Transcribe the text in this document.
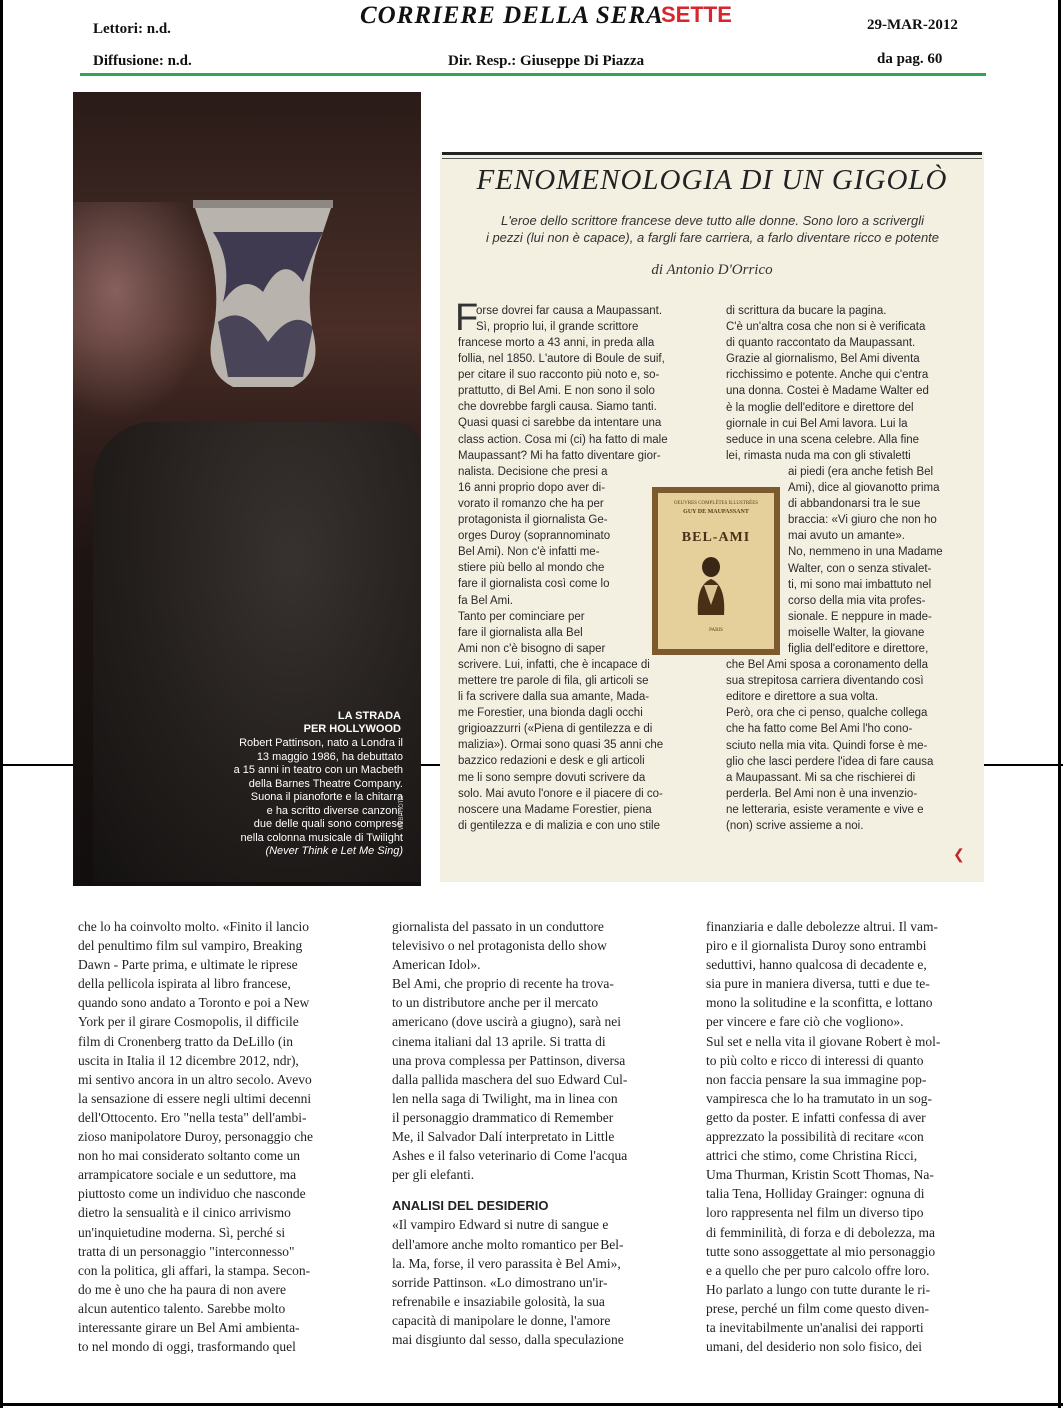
Lettori: n.d.
Diffusione: n.d.
CORRIERE DELLA SERA
SETTE	29-MAR-2012
Dir. Resp.: Giuseppe Di Piazza	da pag. 60
LA STRADA
PER HOLLYWOOD
Robert Pattinson, nato a Londra il
13 maggio 1986, ha debuttato
a 15 anni in teatro con un Macbeth
della Barnes Theatre Company.
Suona il pianoforte e la chitarra
e ha scritto diverse canzoni,
due delle quali sono comprese
nella colonna musicale di Twilight
(Never Think e Let Me Sing)
WEBPHOTO
FENOMENOLOGIA DI UN GIGOLÒ
L'eroe dello scrittore francese deve tutto alle donne. Sono loro a scrivergli
i pezzi (lui non è capace), a fargli fare carriera, a farlo diventare ricco e potente
di Antonio D'Orrico
F
orse dovrei far causa a Maupassant.
Sì, proprio lui, il grande scrittore
francese morto a 43 anni, in preda alla
follia, nel 1850. L'autore di Boule de suif,
per citare il suo racconto più noto e, so-
prattutto, di Bel Ami. E non sono il solo
che dovrebbe fargli causa. Siamo tanti.
Quasi quasi ci sarebbe da intentare una
class action. Cosa mi (ci) ha fatto di male
Maupassant? Mi ha fatto diventare gior-
nalista. Decisione che presi a
16 anni proprio dopo aver di-
vorato il romanzo che ha per
protagonista il giornalista Ge-
orges Duroy (soprannominato
Bel Ami). Non c'è infatti me-
stiere più bello al mondo che
fare il giornalista così come lo
fa Bel Ami.
Tanto per cominciare per
fare il giornalista alla Bel
Ami non c'è bisogno di saper
scrivere. Lui, infatti, che è incapace di
mettere tre parole di fila, gli articoli se
li fa scrivere dalla sua amante, Mada-
me Forestier, una bionda dagli occhi
grigioazzurri («Piena di gentilezza e di
malizia»). Ormai sono quasi 35 anni che
bazzico redazioni e desk e gli articoli
me li sono sempre dovuti scrivere da
solo. Mai avuto l'onore e il piacere di co-
noscere una Madame Forestier, piena
di gentilezza e di malizia e con uno stile
di scrittura da bucare la pagina.
C'è un'altra cosa che non si è verificata
di quanto raccontato da Maupassant.
Grazie al giornalismo, Bel Ami diventa
ricchissimo e potente. Anche qui c'entra
una donna. Costei è Madame Walter ed
è la moglie dell'editore e direttore del
giornale in cui Bel Ami lavora. Lui la
seduce in una scena celebre. Alla fine
lei, rimasta nuda ma con gli stivaletti
ai piedi (era anche fetish Bel
Ami), dice al giovanotto prima
di abbandonarsi tra le sue
braccia: «Vi giuro che non ho
mai avuto un amante».
No, nemmeno in una Madame
Walter, con o senza stivalet-
ti, mi sono mai imbattuto nel
corso della mia vita profes-
sionale. E neppure in made-
moiselle Walter, la giovane
figlia dell'editore e direttore,
che Bel Ami sposa a coronamento della
sua strepitosa carriera diventando così
editore e direttore a sua volta.
Però, ora che ci penso, qualche collega
che ha fatto come Bel Ami l'ho cono-
sciuto nella mia vita. Quindi forse è me-
glio che lasci perdere l'idea di fare causa
a Maupassant. Mi sa che rischierei di
perderla. Bel Ami non è una invenzio-
ne letteraria, esiste veramente e vive e
(non) scrive assieme a noi.
OEUVRES COMPLÈTES ILLUSTRÉES
GUY DE MAUPASSANT
BEL-AMI
PARIS
❮
che lo ha coinvolto molto. «Finito il lancio
del penultimo film sul vampiro, Breaking
Dawn - Parte prima, e ultimate le riprese
della pellicola ispirata al libro francese,
quando sono andato a Toronto e poi a New
York per il girare Cosmopolis, il difficile
film di Cronenberg tratto da DeLillo (in
uscita in Italia il 12 dicembre 2012, ndr),
mi sentivo ancora in un altro secolo. Avevo
la sensazione di essere negli ultimi decenni
dell'Ottocento. Ero "nella testa" dell'ambi-
zioso manipolatore Duroy, personaggio che
non ho mai considerato soltanto come un
arrampicatore sociale e un seduttore, ma
piuttosto come un individuo che nasconde
dietro la sensualità e il cinico arrivismo
un'inquietudine moderna. Sì, perché si
tratta di un personaggio "interconnesso"
con la politica, gli affari, la stampa. Secon-
do me è uno che ha paura di non avere
alcun autentico talento. Sarebbe molto
interessante girare un Bel Ami ambienta-
to nel mondo di oggi, trasformando quel
giornalista del passato in un conduttore
televisivo o nel protagonista dello show
American Idol».
Bel Ami, che proprio di recente ha trova-
to un distributore anche per il mercato
americano (dove uscirà a giugno), sarà nei
cinema italiani dal 13 aprile. Si tratta di
una prova complessa per Pattinson, diversa
dalla pallida maschera del suo Edward Cul-
len nella saga di Twilight, ma in linea con
il personaggio drammatico di Remember
Me, il Salvador Dalí interpretato in Little
Ashes e il falso veterinario di Come l'acqua
per gli elefanti.
ANALISI DEL DESIDERIO
«Il vampiro Edward si nutre di sangue e
dell'amore anche molto romantico per Bel-
la. Ma, forse, il vero parassita è Bel Ami»,
sorride Pattinson. «Lo dimostrano un'ir-
refrenabile e insaziabile golosità, la sua
capacità di manipolare le donne, l'amore
mai disgiunto dal sesso, dalla speculazione
finanziaria e dalle debolezze altrui. Il vam-
piro e il giornalista Duroy sono entrambi
seduttivi, hanno qualcosa di decadente e,
sia pure in maniera diversa, tutti e due te-
mono la solitudine e la sconfitta, e lottano
per vincere e fare ciò che vogliono».
Sul set e nella vita il giovane Robert è mol-
to più colto e ricco di interessi di quanto
non faccia pensare la sua immagine pop-
vampiresca che lo ha tramutato in un sog-
getto da poster. E infatti confessa di aver
apprezzato la possibilità di recitare «con
attrici che stimo, come Christina Ricci,
Uma Thurman, Kristin Scott Thomas, Na-
talia Tena, Holliday Grainger: ognuna di
loro rappresenta nel film un diverso tipo
di femminilità, di forza e di debolezza, ma
tutte sono assoggettate al mio personaggio
e a quello che per puro calcolo offre loro.
Ho parlato a lungo con tutte durante le ri-
prese, perché un film come questo diven-
ta inevitabilmente un'analisi dei rapporti
umani, del desiderio non solo fisico, dei
